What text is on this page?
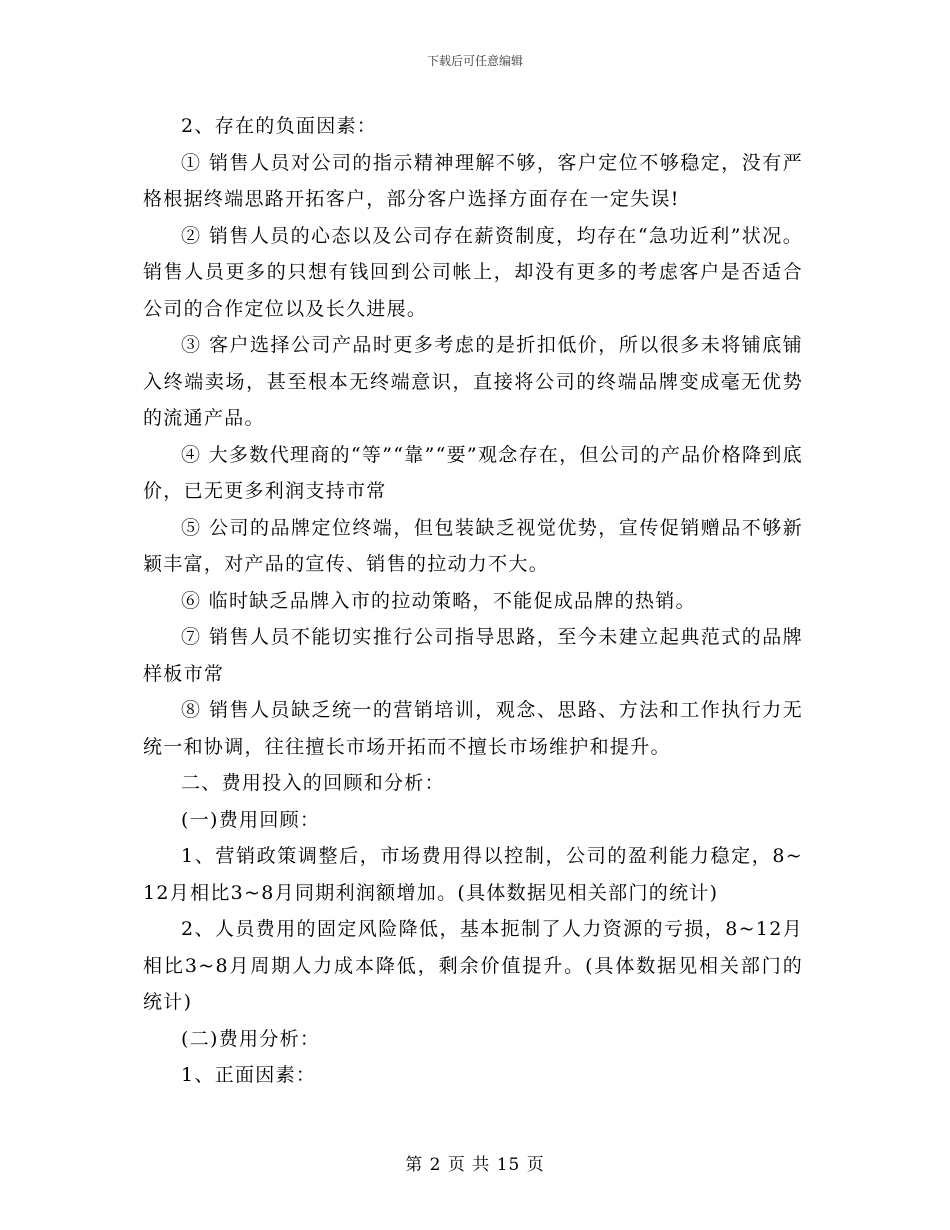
下载后可任意编辑

2、存在的负面因素：

① 销售人员对公司的指示精神理解不够，客户定位不够稳定，没有严格根据终端思路开拓客户，部分客户选择方面存在一定失误!

② 销售人员的心态以及公司存在薪资制度，均存在“急功近利”状况。销售人员更多的只想有钱回到公司帐上，却没有更多的考虑客户是否适合公司的合作定位以及长久进展。

③ 客户选择公司产品时更多考虑的是折扣低价，所以很多未将铺底铺入终端卖场，甚至根本无终端意识，直接将公司的终端品牌变成毫无优势的流通产品。

④ 大多数代理商的“等”“靠”“要”观念存在，但公司的产品价格降到底价，已无更多利润支持市常

⑤ 公司的品牌定位终端，但包装缺乏视觉优势，宣传促销赠品不够新颖丰富，对产品的宣传、销售的拉动力不大。

⑥ 临时缺乏品牌入市的拉动策略，不能促成品牌的热销。

⑦ 销售人员不能切实推行公司指导思路，至今未建立起典范式的品牌样板市常

⑧ 销售人员缺乏统一的营销培训，观念、思路、方法和工作执行力无统一和协调，往往擅长市场开拓而不擅长市场维护和提升。

二、费用投入的回顾和分析：

(一)费用回顾：

1、营销政策调整后，市场费用得以控制，公司的盈利能力稳定，8~12月相比3~8月同期利润额增加。(具体数据见相关部门的统计)

2、人员费用的固定风险降低，基本扼制了人力资源的亏损，8~12月相比3~8月周期人力成本降低，剩余价值提升。(具体数据见相关部门的统计)

(二)费用分析：

1、正面因素：

第 2 页 共 15 页
